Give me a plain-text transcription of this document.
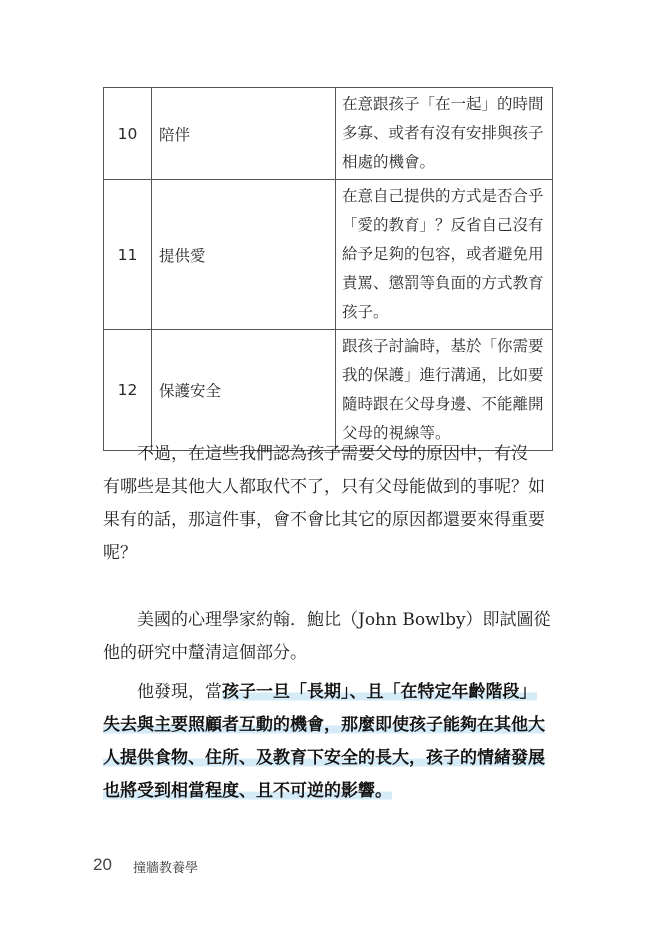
10	陪伴	在意跟孩子「在一起」的時間
多寡、或者有沒有安排與孩子
相處的機會。

11	提供愛	在意自己提供的方式是否合乎
「愛的教育」？反省自己沒有
給予足夠的包容，或者避免用
責罵、懲罰等負面的方式教育
孩子。

12	保護安全	跟孩子討論時，基於「你需要
我的保護」進行溝通，比如要
隨時跟在父母身邊、不能離開
父母的視線等。
　　不過，在這些我們認為孩子需要父母的原因中，有沒
有哪些是其他大人都取代不了，只有父母能做到的事呢？如
果有的話，那這件事，會不會比其它的原因都還要來得重要
呢？
　　美國的心理學家約翰．鮑比（John Bowlby）即試圖從
他的研究中釐清這個部分。
　　他發現，當孩子一旦「長期」、且「在特定年齡階段」
失去與主要照顧者互動的機會，那麼即使孩子能夠在其他大
人提供食物、住所、及教育下安全的長大，孩子的情緒發展
也將受到相當程度、且不可逆的影響。
20 撞牆教養學
